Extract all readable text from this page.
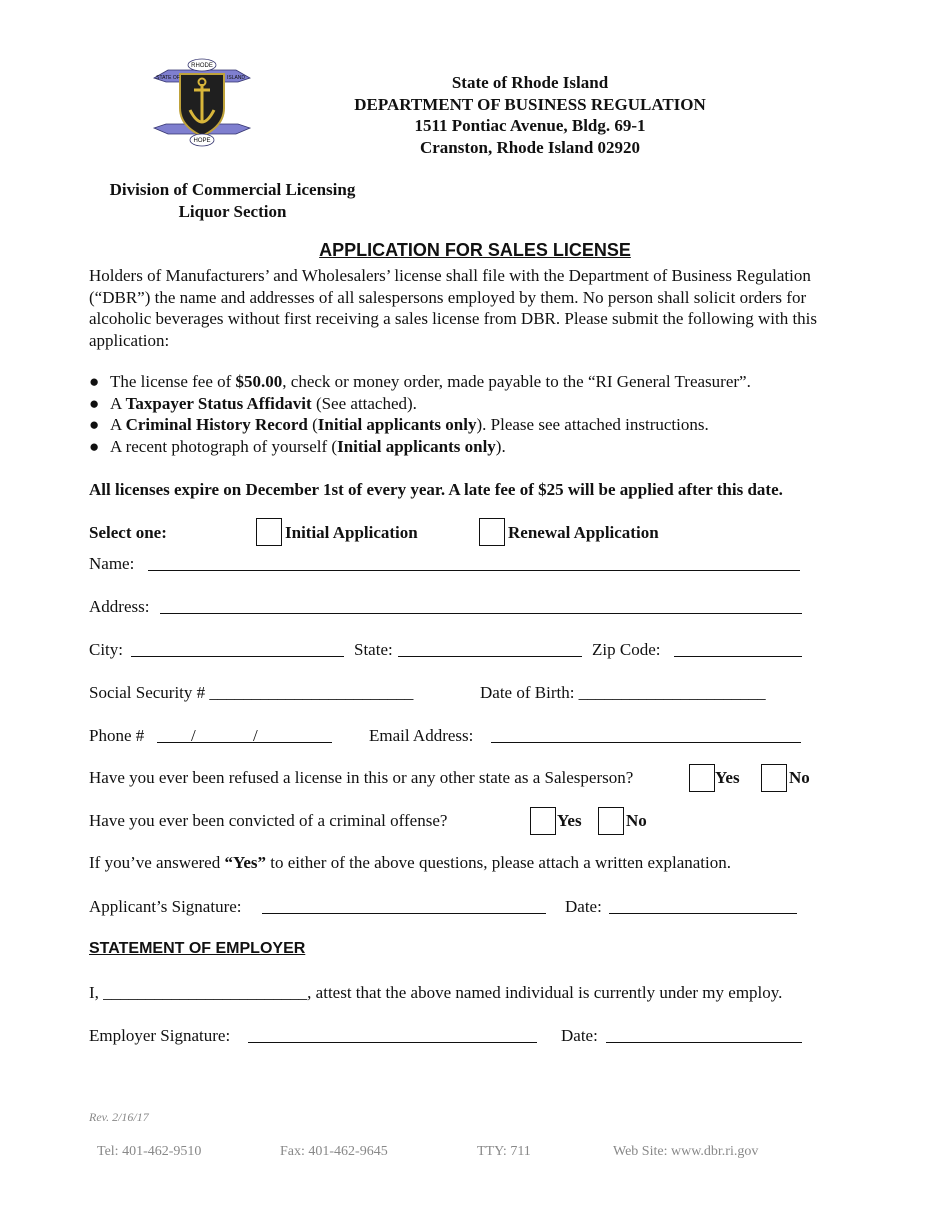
RHODE
STATE OF	ISLAND
HOPE
State of Rhode Island
DEPARTMENT OF BUSINESS REGULATION
1511 Pontiac Avenue, Bldg. 69-1
Cranston, Rhode Island 02920
Division of Commercial Licensing
Liquor Section
APPLICATION FOR SALES LICENSE
Holders of Manufacturers’ and Wholesalers’ license shall file with the Department of Business Regulation (“DBR”) the name and addresses of all salespersons employed by them. No person shall solicit orders for alcoholic beverages without first receiving a sales license from DBR. Please submit the following with this application:
● The license fee of $50.00, check or money order, made payable to the “RI General Treasurer”.
● A Taxpayer Status Affidavit (See attached).
● A Criminal History Record (Initial applicants only). Please see attached instructions.
● A recent photograph of yourself (Initial applicants only).
All licenses expire on December 1st of every year. A late fee of $25 will be applied after this date.
Select one:	Initial Application	Renewal Application
Name:
Address:
City:	State:	Zip Code:
Social Security # ________________________	Date of Birth: ______________________
Phone #	/	/	Email Address:
Have you ever been refused a license in this or any other state as a Salesperson?	Yes	No
Have you ever been convicted of a criminal offense?	Yes	No
If you’ve answered “Yes” to either of the above questions, please attach a written explanation.
Applicant’s Signature:	Date:
STATEMENT OF EMPLOYER
I, ________________________, attest that the above named individual is currently under my employ.
Employer Signature:	Date:
Rev. 2/16/17
Tel: 401-462-9510	Fax: 401-462-9645	TTY: 711	Web Site: www.dbr.ri.gov
